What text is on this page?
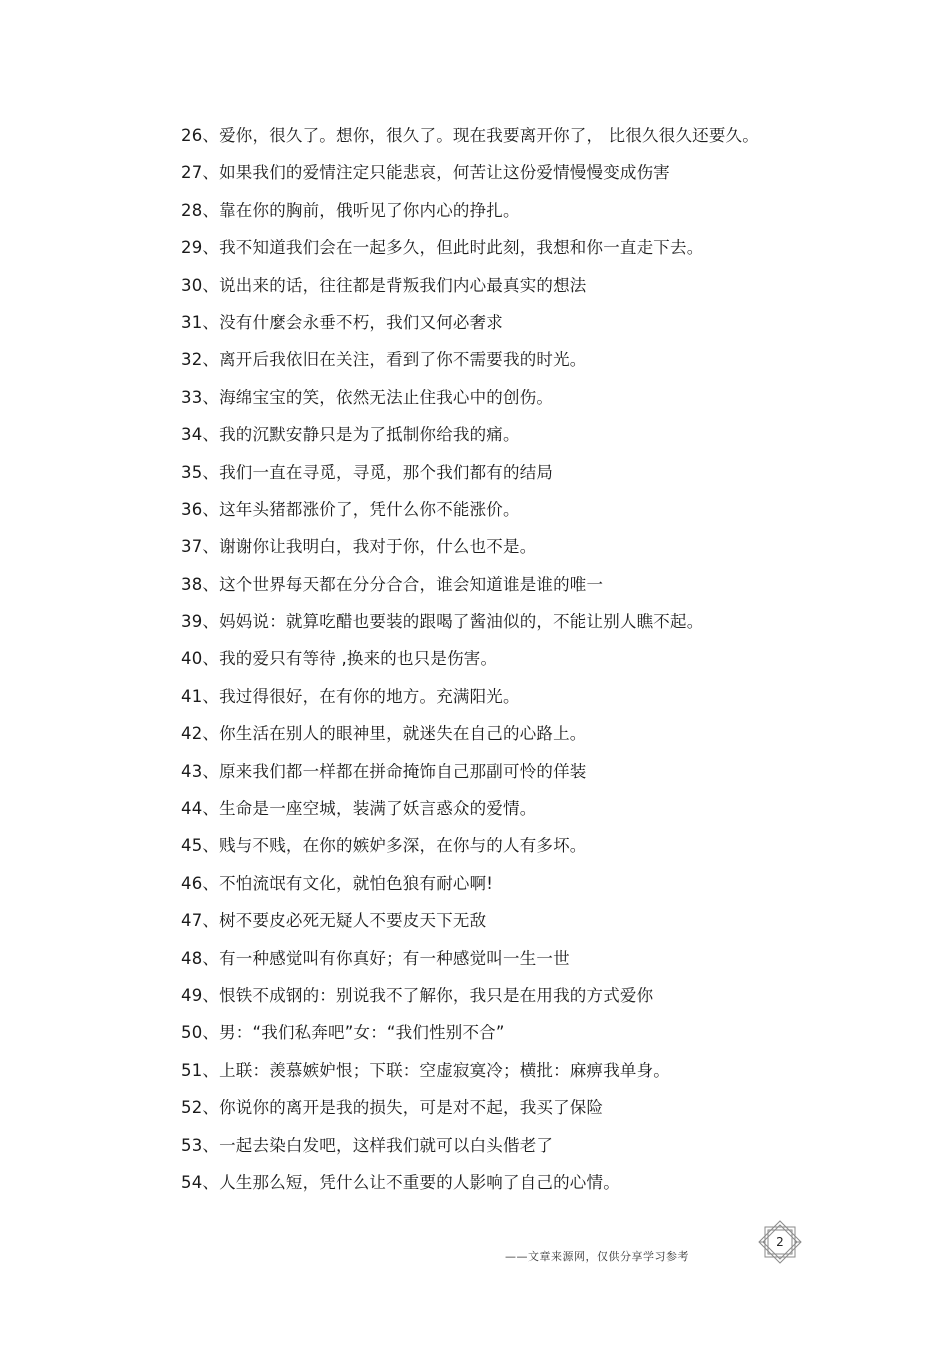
26、爱你，很久了。想你，很久了。现在我要离开你了， 比很久很久还要久。
27、如果我们的爱情注定只能悲哀，何苦让这份爱情慢慢变成伤害
28、靠在你的胸前，俄听见了你内心的挣扎。
29、我不知道我们会在一起多久，但此时此刻，我想和你一直走下去。
30、说出来的话，往往都是背叛我们内心最真实的想法
31、没有什麼会永垂不朽，我们又何必奢求
32、离开后我依旧在关注，看到了你不需要我的时光。
33、海绵宝宝的笑，依然无法止住我心中的创伤。
34、我的沉默安静只是为了抵制你给我的痛。
35、我们一直在寻觅，寻觅，那个我们都有的结局
36、这年头猪都涨价了，凭什么你不能涨价。
37、谢谢你让我明白，我对于你，什么也不是。
38、这个世界每天都在分分合合，谁会知道谁是谁的唯一
39、妈妈说：就算吃醋也要装的跟喝了酱油似的，不能让别人瞧不起。
40、我的爱只有等待 ,换来的也只是伤害。
41、我过得很好，在有你的地方。充满阳光。
42、你生活在别人的眼神里，就迷失在自己的心路上。
43、原来我们都一样都在拼命掩饰自己那副可怜的佯装
44、生命是一座空城，装满了妖言惑众的爱情。
45、贱与不贱，在你的嫉妒多深，在你与的人有多坏。
46、不怕流氓有文化，就怕色狼有耐心啊!
47、树不要皮必死无疑人不要皮天下无敌
48、有一种感觉叫有你真好；有一种感觉叫一生一世
49、恨铁不成钢的：别说我不了解你，我只是在用我的方式爱你
50、男：“我们私奔吧”女：“我们性别不合”
51、上联：羡慕嫉妒恨；下联：空虚寂寞冷；横批：麻痹我单身。
52、你说你的离开是我的损失，可是对不起，我买了保险
53、一起去染白发吧，这样我们就可以白头偕老了
54、人生那么短，凭什么让不重要的人影响了自己的心情。
2
——文章来源网，仅供分享学习参考
